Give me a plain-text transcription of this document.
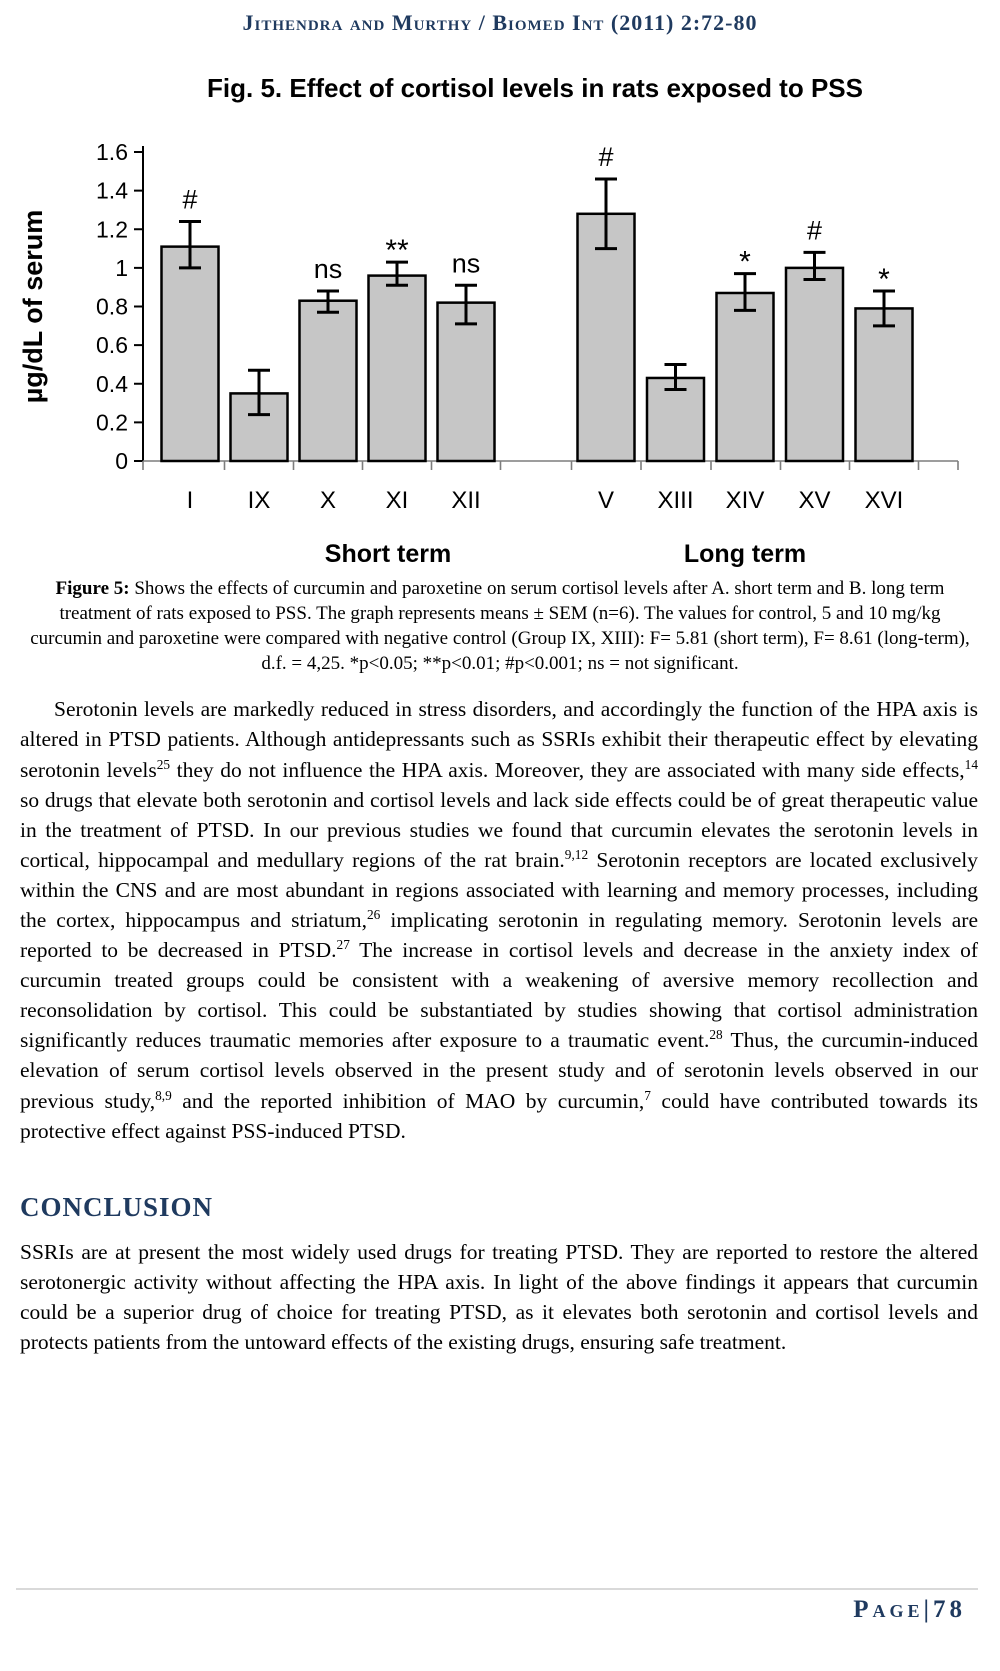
Jithendra and Murthy / Biomed Int (2011) 2:72-80
Fig. 5. Effect of cortisol levels in rats exposed to PSS
µg/dL of serum
0
0.2
0.4
0.6
0.8
1
1.2
1.4
1.6
#
I IX
ns
X
**
XI
ns
XII
Short term
#
V XIII
*
XIV
#
XV
*
XVI
Long term
Figure 5: Shows the effects of curcumin and paroxetine on serum cortisol levels after A. short term and B. long term treatment of rats exposed to PSS. The graph represents means ± SEM (n=6). The values for control, 5 and 10 mg/kg curcumin and paroxetine were compared with negative control (Group IX, XIII): F= 5.81 (short term), F= 8.61 (long-term), d.f. = 4,25. *p<0.05; **p<0.01; #p<0.001; ns = not significant.

Serotonin levels are markedly reduced in stress disorders, and accordingly the function of the HPA axis is altered in PTSD patients. Although antidepressants such as SSRIs exhibit their therapeutic effect by elevating serotonin levels$^{25}$ they do not influence the HPA axis. Moreover, they are associated with many side effects,$^{14}$ so drugs that elevate both serotonin and cortisol levels and lack side effects could be of great therapeutic value in the treatment of PTSD. In our previous studies we found that curcumin elevates the serotonin levels in cortical, hippocampal and medullary regions of the rat brain.$^{9,12}$ Serotonin receptors are located exclusively within the CNS and are most abundant in regions associated with learning and memory processes, including the cortex, hippocampus and striatum,$^{26}$ implicating serotonin in regulating memory. Serotonin levels are reported to be decreased in PTSD.$^{27}$ The increase in cortisol levels and decrease in the anxiety index of curcumin treated groups could be consistent with a weakening of aversive memory recollection and reconsolidation by cortisol. This could be substantiated by studies showing that cortisol administration significantly reduces traumatic memories after exposure to a traumatic event.$^{28}$ Thus, the curcumin-induced elevation of serum cortisol levels observed in the present study and of serotonin levels observed in our previous study,$^{8,9}$ and the reported inhibition of MAO by curcumin,$^7$ could have contributed towards its protective effect against PSS-induced PTSD.

CONCLUSION

SSRIs are at present the most widely used drugs for treating PTSD. They are reported to restore the altered serotonergic activity without affecting the HPA axis. In light of the above findings it appears that curcumin could be a superior drug of choice for treating PTSD, as it elevates both serotonin and cortisol levels and protects patients from the untoward effects of the existing drugs, ensuring safe treatment.

Page|78
